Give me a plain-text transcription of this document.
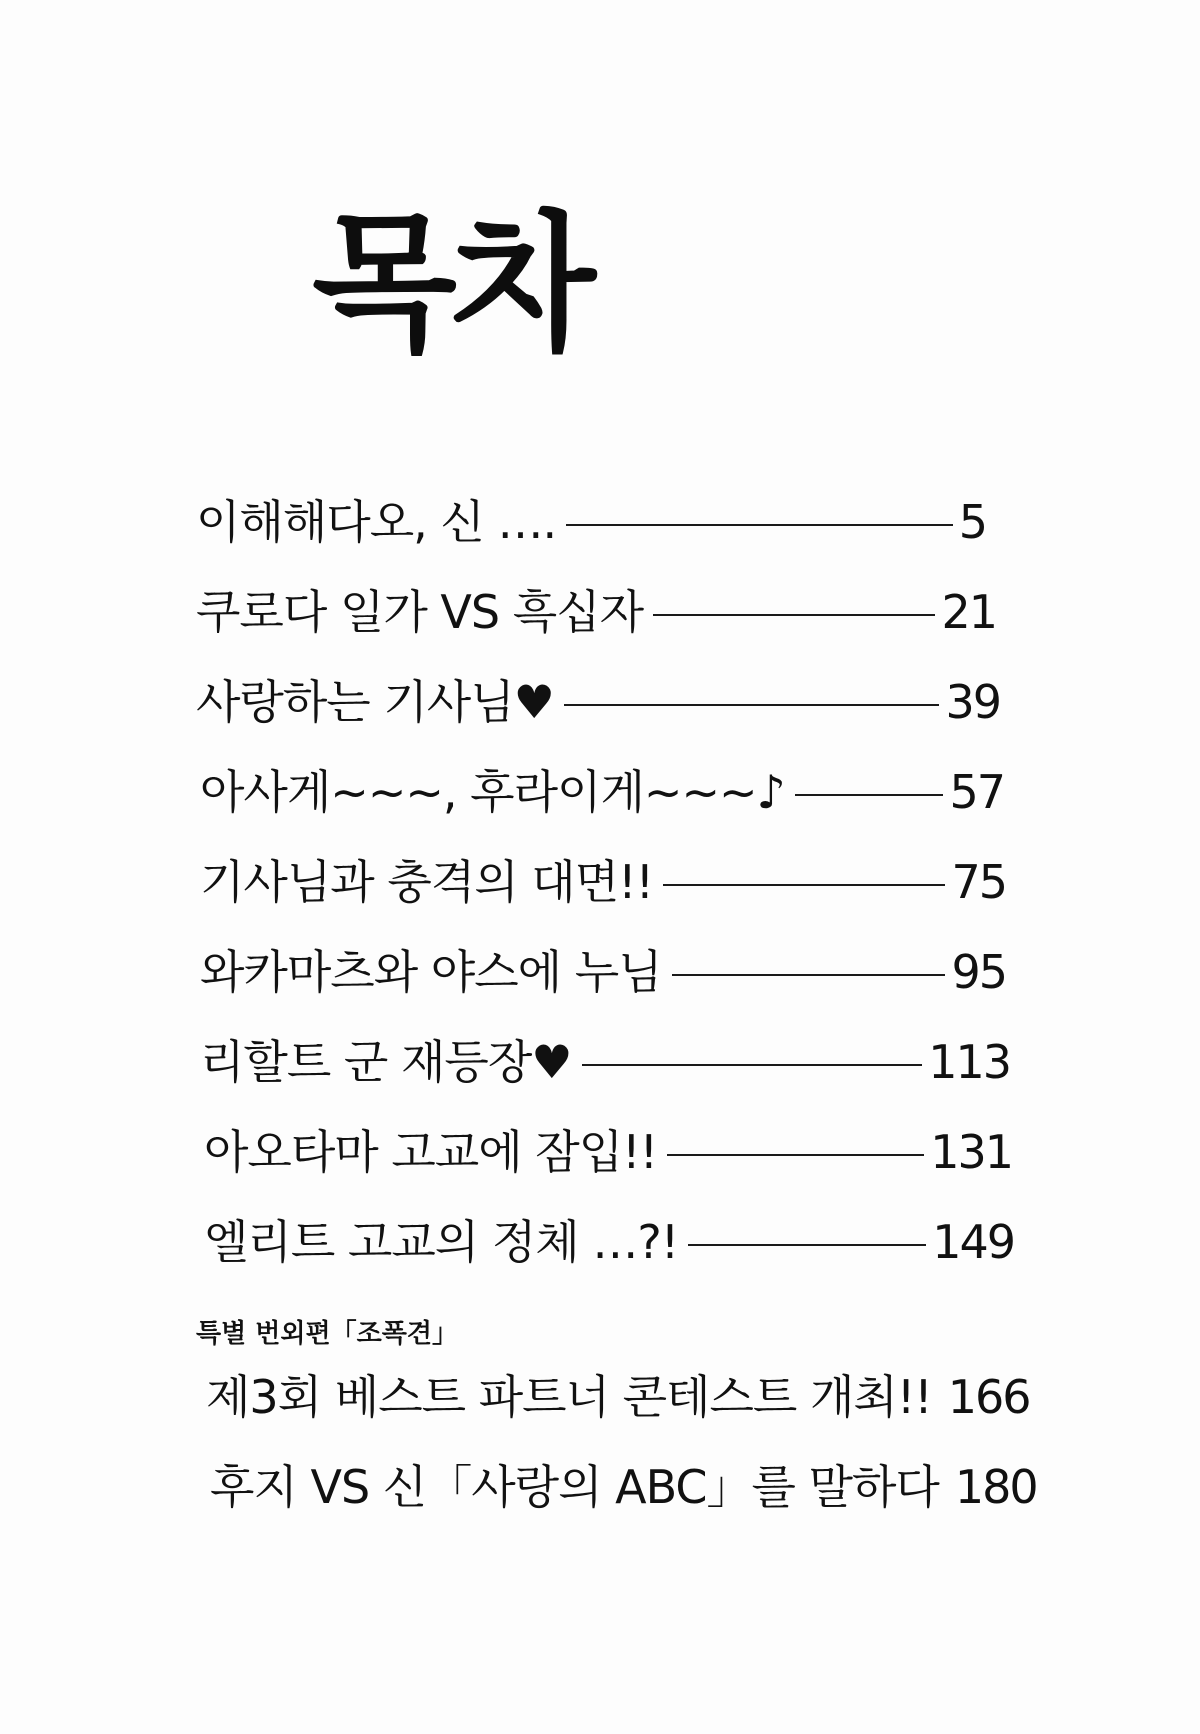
목차
이해해다오, 신 ….	5
쿠로다 일가 VS 흑십자	21
사랑하는 기사님♥	39
아사게~~~, 후라이게~~~♪	57
기사님과 충격의 대면!!	75
와카마츠와 야스에 누님	95
리할트 군 재등장♥	113
아오타마 고교에 잠입!!	131
엘리트 고교의 정체 …?!	149
특별 번외편「조폭견」
제3회 베스트 파트너 콘테스트 개최!! 166
후지 VS 신「사랑의 ABC」를 말하다 180
